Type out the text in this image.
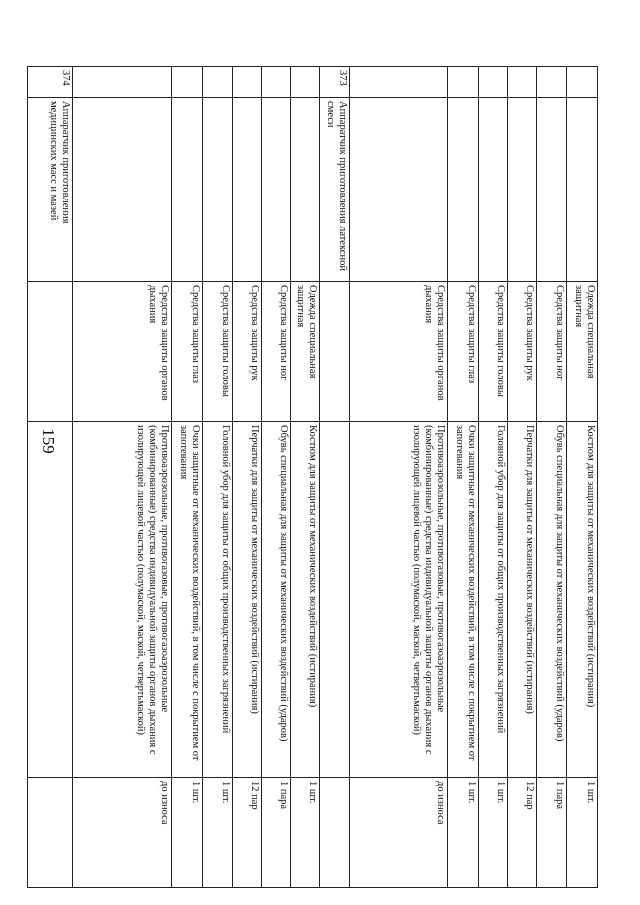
159
		Одежда специальная защитная	Костюм для защиты от механических воздействий (истирания)	1 шт.
		Средства защиты ног	Обувь специальная для защиты от механических воздействий (ударов)	1 пара
		Средства защиты рук	Перчатки для защиты от механических воздействий (истирания)	12 пар
		Средства защиты головы	Головной убор для защиты от общих производственных загрязнений	1 шт.
		Средства защиты глаз	Очки защитные от механических воздействий, в том числе с покрытием от запотевания	1 шт.
		Средства защиты органов дыхания	Противоаэрозольные, противогазовые, противогазоаэрозольные (комбинированные) средства индивидуальной защиты органов дыхания с изолирующей лицевой частью (полумаской, маской, четвертьмаской)	до износа
373	Аппаратчик приготовления латексной смеси			
		Одежда специальная защитная	Костюм для защиты от механических воздействий (истирания)	1 шт.
		Средства защиты ног	Обувь специальная для защиты от механических воздействий (ударов)	1 пара
		Средства защиты рук	Перчатки для защиты от механических воздействий (истирания)	12 пар
		Средства защиты головы	Головной убор для защиты от общих производственных загрязнений	1 шт.
		Средства защиты глаз	Очки защитные от механических воздействий, в том числе с покрытием от запотевания	1 шт.
		Средства защиты органов дыхания	Противоаэрозольные, противогазовые, противогазоаэрозольные (комбинированные) средства индивидуальной защиты органов дыхания с изолирующей лицевой частью (полумаской, маской, четвертьмаской)	до износа
374	Аппаратчик приготовления медицинских масс и мазей			
